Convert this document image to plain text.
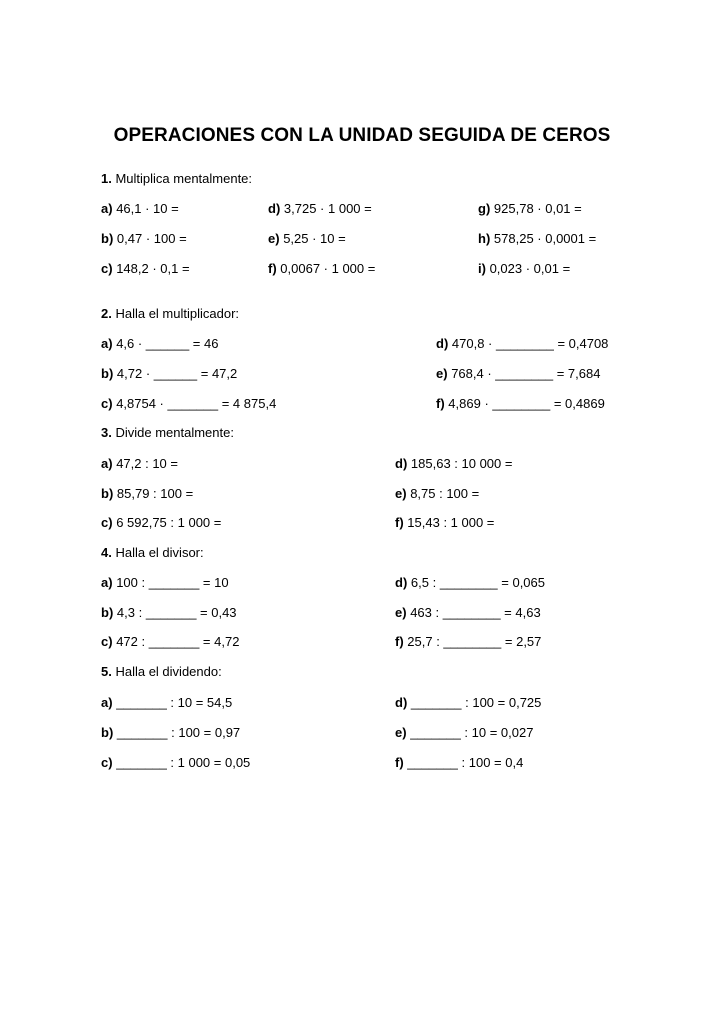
OPERACIONES CON LA UNIDAD SEGUIDA DE CEROS
1. Multiplica mentalmente:
a) 46,1 · 10 =
b) 0,47 · 100 =
c) 148,2 · 0,1 =
d) 3,725 · 1 000 =
e) 5,25 · 10 =
f) 0,0067 · 1 000 =
g) 925,78 · 0,01 =
h) 578,25 · 0,0001 =
i) 0,023 · 0,01 =
2. Halla el multiplicador:
a) 4,6 · ______ = 46
b) 4,72 · ______ = 47,2
c) 4,8754 · _______ = 4 875,4
d) 470,8 · ________ = 0,4708
e) 768,4 · ________ = 7,684
f) 4,869 · ________ = 0,4869
3. Divide mentalmente:
a) 47,2 : 10 =
b) 85,79 : 100 =
c) 6 592,75 : 1 000 =
d) 185,63 : 10 000 =
e) 8,75 : 100 =
f) 15,43 : 1 000 =
4. Halla el divisor:
a) 100 : _______ = 10
b) 4,3 : _______ = 0,43
c) 472 : _______ = 4,72
d) 6,5 : ________ = 0,065
e) 463 : ________ = 4,63
f) 25,7 : ________ = 2,57
5. Halla el dividendo:
a) _______ : 10 = 54,5
b) _______ : 100 = 0,97
c) _______ : 1 000 = 0,05
d) _______ : 100 = 0,725
e) _______ : 10 = 0,027
f) _______ : 100 = 0,4
